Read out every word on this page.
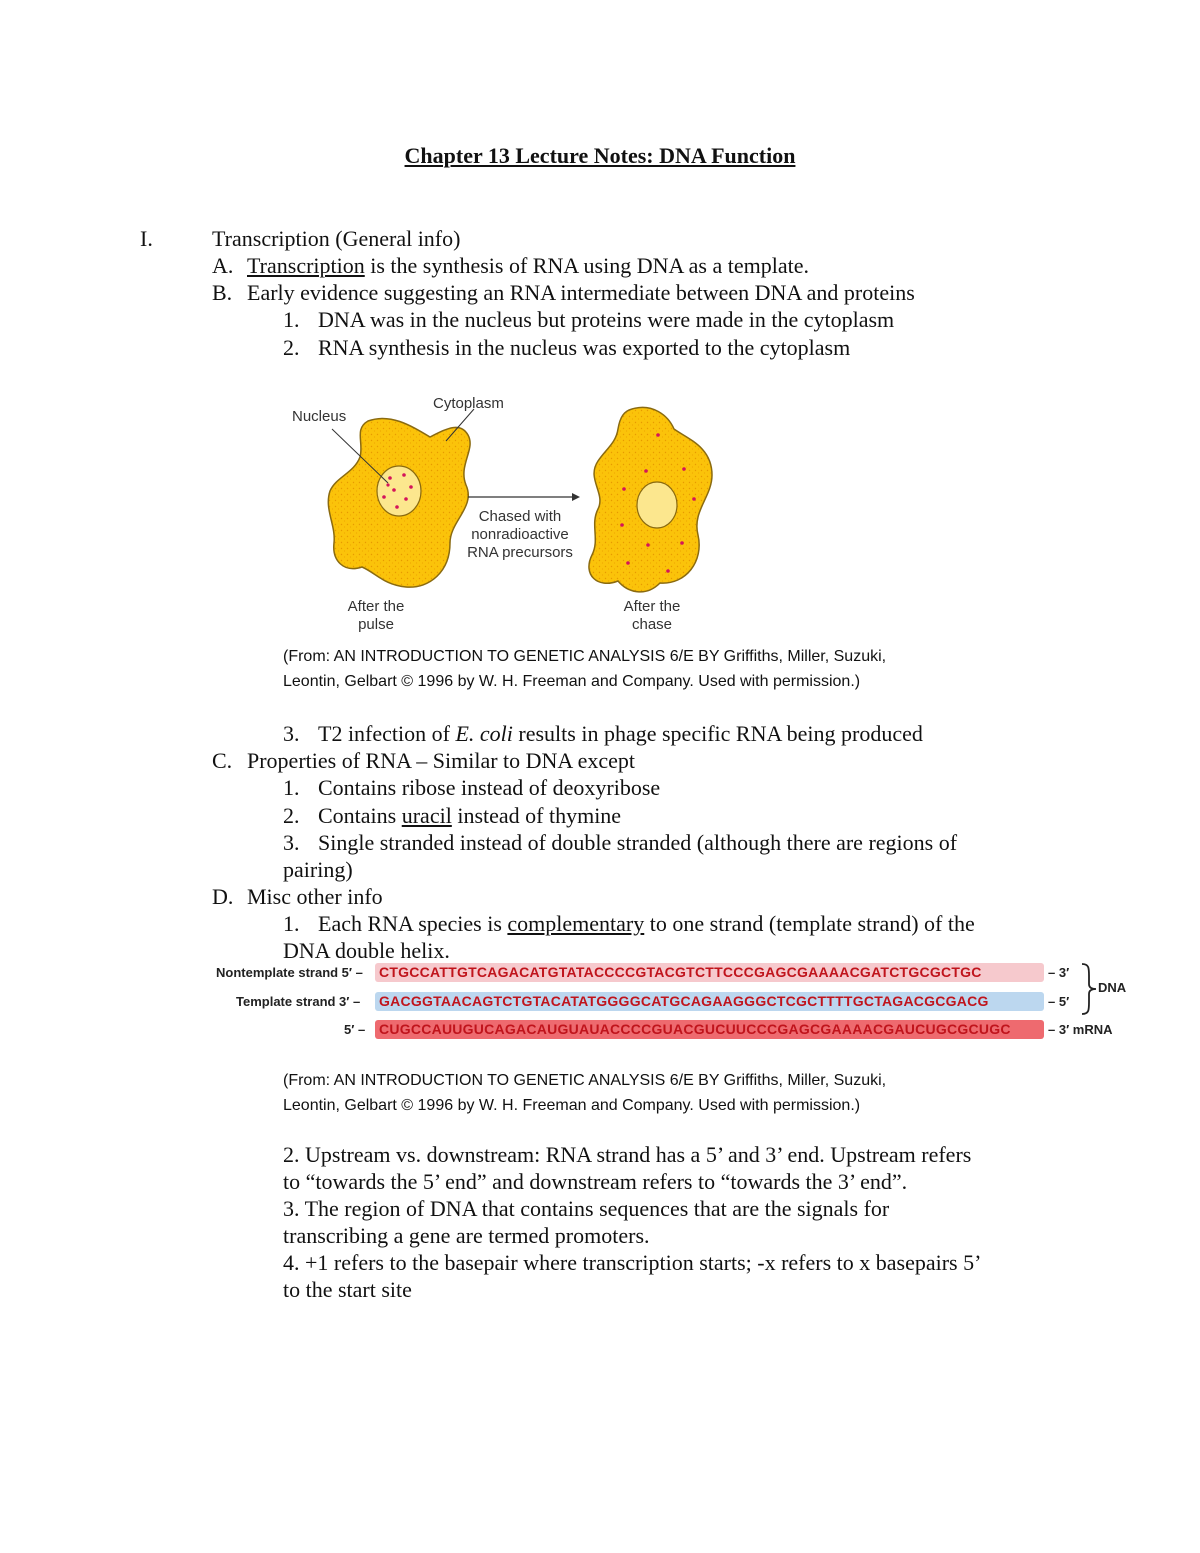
Chapter 13 Lecture Notes: DNA Function
I.	Transcription (General info)
A. Transcription is the synthesis of RNA using DNA as a template.
B. Early evidence suggesting an RNA intermediate between DNA and proteins
1. DNA was in the nucleus but proteins were made in the cytoplasm
2. RNA synthesis in the nucleus was exported to the cytoplasm
Nucleus
Cytoplasm
Chased with
nonradioactive
RNA precursors
After the
pulse
After the
chase
(From: AN INTRODUCTION TO GENETIC ANALYSIS 6/E BY Griffiths, Miller, Suzuki,
Leontin, Gelbart © 1996 by W. H. Freeman and Company. Used with permission.)
3. T2 infection of E. coli results in phage specific RNA being produced
C. Properties of RNA – Similar to DNA except
1. Contains ribose instead of deoxyribose
2. Contains uracil instead of thymine
3. Single stranded instead of double stranded (although there are regions of
pairing)
D. Misc other info
1. Each RNA species is complementary to one strand (template strand) of the
DNA double helix.
Nontemplate strand 5′ – CTGCCATTGTCAGACATGTATACCCCGTACGTCTTCCCGAGCGAAAACGATCTGCGCTGC	– 3′
Template strand 3′ – GACGGTAACAGTCTGTACATATGGGGCATGCAGAAGGGCTCGCTTTTGCTAGACGCGACG	– 5′
DNA
5′ – CUGCCAUUGUCAGACAUGUAUACCCCGUACGUCUUCCCGAGCGAAAACGAUCUGCGCUGC	– 3′ mRNA
(From: AN INTRODUCTION TO GENETIC ANALYSIS 6/E BY Griffiths, Miller, Suzuki,
Leontin, Gelbart © 1996 by W. H. Freeman and Company. Used with permission.)
2. Upstream vs. downstream: RNA strand has a 5’ and 3’ end. Upstream refers
to “towards the 5’ end” and downstream refers to “towards the 3’ end”.
3. The region of DNA that contains sequences that are the signals for
transcribing a gene are termed promoters.
4. +1 refers to the basepair where transcription starts; -x refers to x basepairs 5’
to the start site
